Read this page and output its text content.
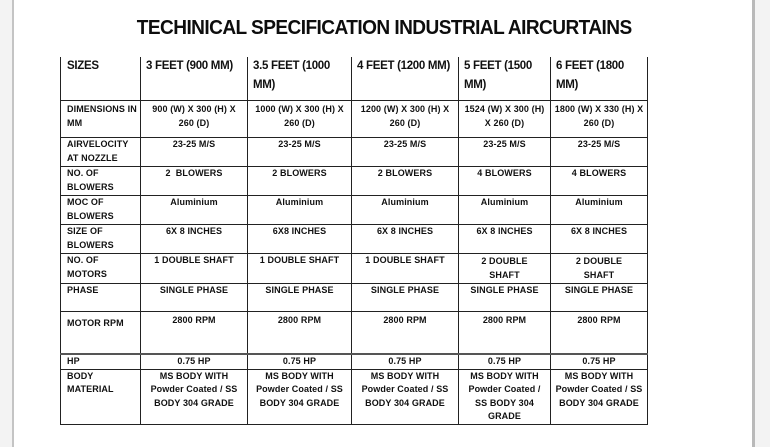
TECHINICAL SPECIFICATION INDUSTRIAL AIRCURTAINS
SIZES	3 FEET (900 MM)	3.5 FEET (1000 MM)	4 FEET (1200 MM)	5 FEET (1500 MM)	6 FEET (1800 MM)
DIMENSIONS IN MM	900 (W) X 300 (H) X 260 (D)	1000 (W) X 300 (H) X 260 (D)	1200 (W) X 300 (H) X 260 (D)	1524 (W) X 300 (H) X 260 (D)	1800 (W) X 330 (H) X 260 (D)
AIRVELOCITY AT NOZZLE	23-25 M/S	23-25 M/S	23-25 M/S	23-25 M/S	23-25 M/S
NO. OF BLOWERS	2  BLOWERS	2 BLOWERS	2 BLOWERS	4 BLOWERS	4 BLOWERS
MOC OF BLOWERS	Aluminium	Aluminium	Aluminium	Aluminium	Aluminium
SIZE OF BLOWERS	6X 8 INCHES	6X8 INCHES	6X 8 INCHES	6X 8 INCHES	6X 8 INCHES
NO. OF MOTORS	1 DOUBLE SHAFT	1 DOUBLE SHAFT	1 DOUBLE SHAFT	2 DOUBLE SHAFT	2 DOUBLE SHAFT
PHASE	SINGLE PHASE	SINGLE PHASE	SINGLE PHASE	SINGLE PHASE	SINGLE PHASE
MOTOR RPM	2800 RPM	2800 RPM	2800 RPM	2800 RPM	2800 RPM
HP	0.75 HP	0.75 HP	0.75 HP	0.75 HP	0.75 HP
BODY MATERIAL	MS BODY WITH Powder Coated / SS BODY 304 GRADE	MS BODY WITH Powder Coated / SS BODY 304 GRADE	MS BODY WITH Powder Coated / SS BODY 304 GRADE	MS BODY WITH Powder Coated / SS BODY 304 GRADE	MS BODY WITH Powder Coated / SS BODY 304 GRADE
